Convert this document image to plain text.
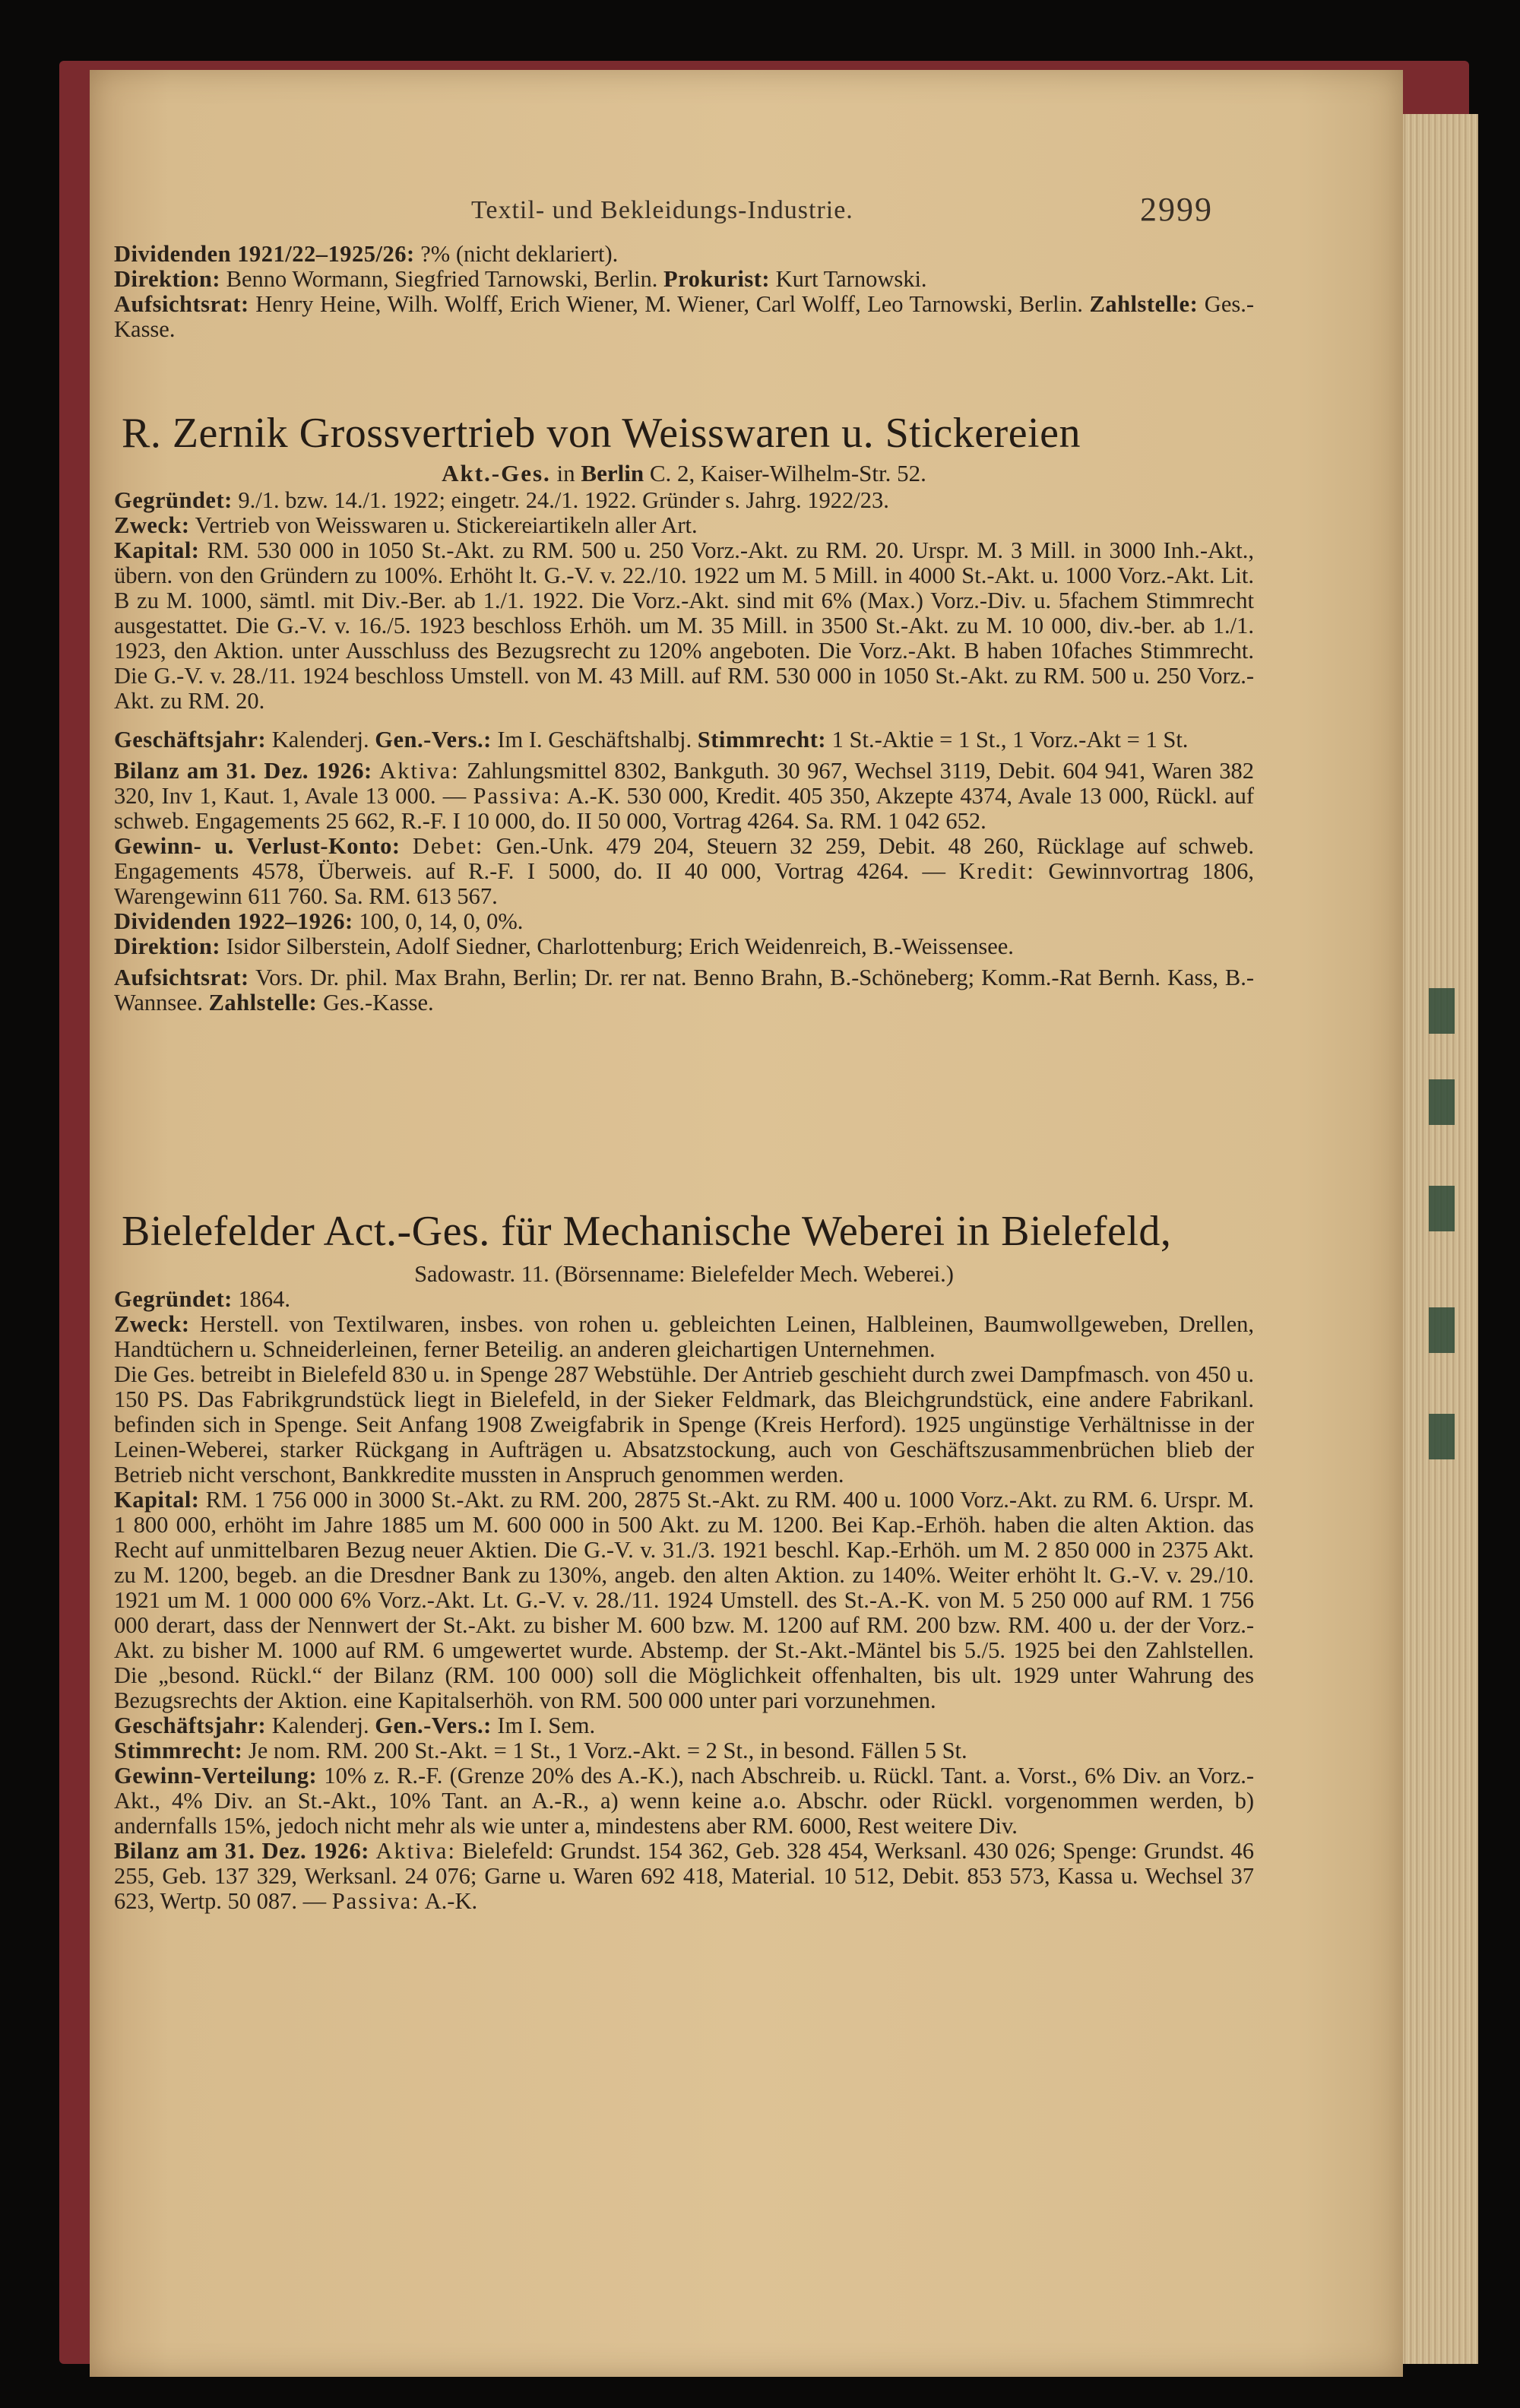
Textil- und Bekleidungs-Industrie.	2999

Dividenden 1921/22–1925/26: ?% (nicht deklariert).

Direktion: Benno Wormann, Siegfried Tarnowski, Berlin. Prokurist: Kurt Tarnowski.

Aufsichtsrat: Henry Heine, Wilh. Wolff, Erich Wiener, M. Wiener, Carl Wolff, Leo Tarnowski, Berlin. Zahlstelle: Ges.-Kasse.

R. Zernik Grossvertrieb von Weisswaren u. Stickereien
Akt.-Ges. in Berlin C. 2, Kaiser-Wilhelm-Str. 52.

Gegründet: 9./1. bzw. 14./1. 1922; eingetr. 24./1. 1922. Gründer s. Jahrg. 1922/23.

Zweck: Vertrieb von Weisswaren u. Stickereiartikeln aller Art.

Kapital: RM. 530 000 in 1050 St.-Akt. zu RM. 500 u. 250 Vorz.-Akt. zu RM. 20. Urspr. M. 3 Mill. in 3000 Inh.-Akt., übern. von den Gründern zu 100%. Erhöht lt. G.-V. v. 22./10. 1922 um M. 5 Mill. in 4000 St.-Akt. u. 1000 Vorz.-Akt. Lit. B zu M. 1000, sämtl. mit Div.-Ber. ab 1./1. 1922. Die Vorz.-Akt. sind mit 6% (Max.) Vorz.-Div. u. 5fachem Stimmrecht ausgestattet. Die G.-V. v. 16./5. 1923 beschloss Erhöh. um M. 35 Mill. in 3500 St.-Akt. zu M. 10 000, div.-ber. ab 1./1. 1923, den Aktion. unter Ausschluss des Bezugsrecht zu 120% angeboten. Die Vorz.-Akt. B haben 10faches Stimmrecht. Die G.-V. v. 28./11. 1924 beschloss Umstell. von M. 43 Mill. auf RM. 530 000 in 1050 St.-Akt. zu RM. 500 u. 250 Vorz.-Akt. zu RM. 20.

Geschäftsjahr: Kalenderj. Gen.-Vers.: Im I. Geschäftshalbj. Stimmrecht: 1 St.-Aktie = 1 St., 1 Vorz.-Akt = 1 St.

Bilanz am 31. Dez. 1926: Aktiva: Zahlungsmittel 8302, Bankguth. 30 967, Wechsel 3119, Debit. 604 941, Waren 382 320, Inv 1, Kaut. 1, Avale 13 000. — Passiva: A.-K. 530 000, Kredit. 405 350, Akzepte 4374, Avale 13 000, Rückl. auf schweb. Engagements 25 662, R.-F. I 10 000, do. II 50 000, Vortrag 4264. Sa. RM. 1 042 652.

Gewinn- u. Verlust-Konto: Debet: Gen.-Unk. 479 204, Steuern 32 259, Debit. 48 260, Rücklage auf schweb. Engagements 4578, Überweis. auf R.-F. I 5000, do. II 40 000, Vortrag 4264. — Kredit: Gewinnvortrag 1806, Warengewinn 611 760. Sa. RM. 613 567.

Dividenden 1922–1926: 100, 0, 14, 0, 0%.

Direktion: Isidor Silberstein, Adolf Siedner, Charlottenburg; Erich Weidenreich, B.-Weissensee.

Aufsichtsrat: Vors. Dr. phil. Max Brahn, Berlin; Dr. rer nat. Benno Brahn, B.-Schöneberg; Komm.-Rat Bernh. Kass, B.-Wannsee. Zahlstelle: Ges.-Kasse.

Bielefelder Act.-Ges. für Mechanische Weberei in Bielefeld,

Sadowastr. 11. (Börsenname: Bielefelder Mech. Weberei.)

Gegründet: 1864.

Zweck: Herstell. von Textilwaren, insbes. von rohen u. gebleichten Leinen, Halbleinen, Baumwollgeweben, Drellen, Handtüchern u. Schneiderleinen, ferner Beteilig. an anderen gleichartigen Unternehmen.

Die Ges. betreibt in Bielefeld 830 u. in Spenge 287 Webstühle. Der Antrieb geschieht durch zwei Dampfmasch. von 450 u. 150 PS. Das Fabrikgrundstück liegt in Bielefeld, in der Sieker Feldmark, das Bleichgrundstück, eine andere Fabrikanl. befinden sich in Spenge. Seit Anfang 1908 Zweigfabrik in Spenge (Kreis Herford). 1925 ungünstige Verhältnisse in der Leinen-Weberei, starker Rückgang in Aufträgen u. Absatzstockung, auch von Geschäftszusammenbrüchen blieb der Betrieb nicht verschont, Bankkredite mussten in Anspruch genommen werden.

Kapital: RM. 1 756 000 in 3000 St.-Akt. zu RM. 200, 2875 St.-Akt. zu RM. 400 u. 1000 Vorz.-Akt. zu RM. 6. Urspr. M. 1 800 000, erhöht im Jahre 1885 um M. 600 000 in 500 Akt. zu M. 1200. Bei Kap.-Erhöh. haben die alten Aktion. das Recht auf unmittelbaren Bezug neuer Aktien. Die G.-V. v. 31./3. 1921 beschl. Kap.-Erhöh. um M. 2 850 000 in 2375 Akt. zu M. 1200, begeb. an die Dresdner Bank zu 130%, angeb. den alten Aktion. zu 140%. Weiter erhöht lt. G.-V. v. 29./10. 1921 um M. 1 000 000 6% Vorz.-Akt. Lt. G.-V. v. 28./11. 1924 Umstell. des St.-A.-K. von M. 5 250 000 auf RM. 1 756 000 derart, dass der Nennwert der St.-Akt. zu bisher M. 600 bzw. M. 1200 auf RM. 200 bzw. RM. 400 u. der der Vorz.-Akt. zu bisher M. 1000 auf RM. 6 umgewertet wurde. Abstemp. der St.-Akt.-Mäntel bis 5./5. 1925 bei den Zahlstellen. Die „besond. Rückl.“ der Bilanz (RM. 100 000) soll die Möglichkeit offenhalten, bis ult. 1929 unter Wahrung des Bezugsrechts der Aktion. eine Kapitalserhöh. von RM. 500 000 unter pari vorzunehmen.

Geschäftsjahr: Kalenderj. Gen.-Vers.: Im I. Sem.

Stimmrecht: Je nom. RM. 200 St.-Akt. = 1 St., 1 Vorz.-Akt. = 2 St., in besond. Fällen 5 St.

Gewinn-Verteilung: 10% z. R.-F. (Grenze 20% des A.-K.), nach Abschreib. u. Rückl. Tant. a. Vorst., 6% Div. an Vorz.-Akt., 4% Div. an St.-Akt., 10% Tant. an A.-R., a) wenn keine a.o. Abschr. oder Rückl. vorgenommen werden, b) andernfalls 15%, jedoch nicht mehr als wie unter a, mindestens aber RM. 6000, Rest weitere Div.

Bilanz am 31. Dez. 1926: Aktiva: Bielefeld: Grundst. 154 362, Geb. 328 454, Werksanl. 430 026; Spenge: Grundst. 46 255, Geb. 137 329, Werksanl. 24 076; Garne u. Waren 692 418, Material. 10 512, Debit. 853 573, Kassa u. Wechsel 37 623, Wertp. 50 087. — Passiva: A.-K.
